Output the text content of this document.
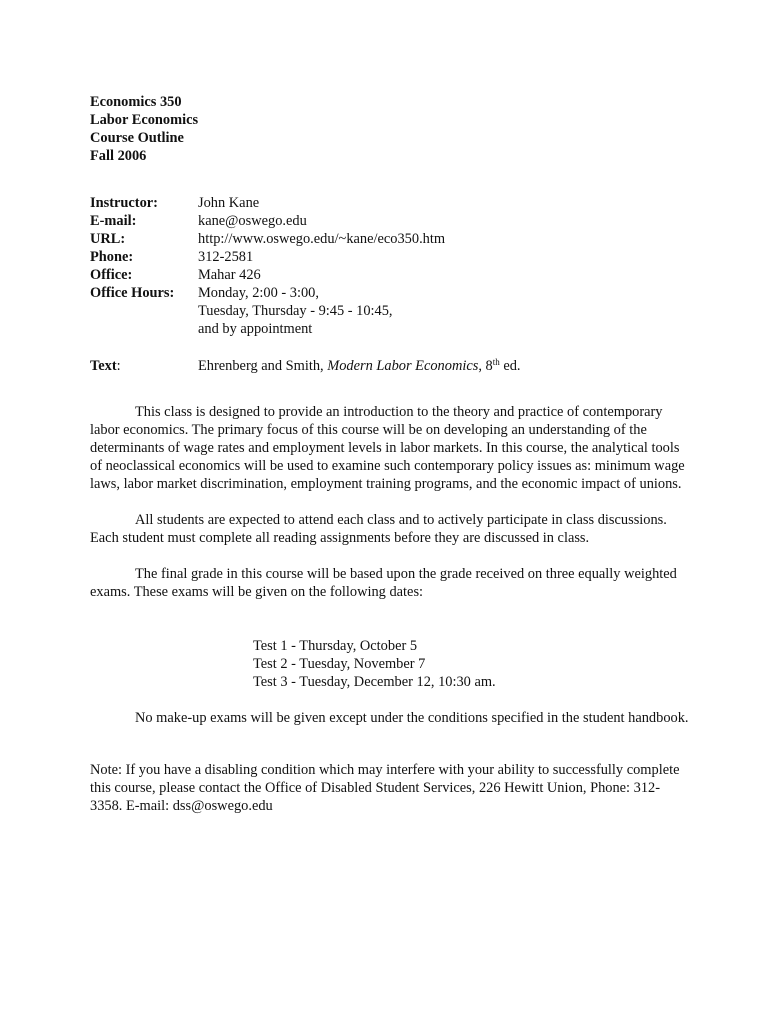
Economics 350
Labor Economics
Course Outline
Fall 2006
Instructor:	John Kane
E-mail:	kane@oswego.edu
URL:	http://www.oswego.edu/~kane/eco350.htm
Phone:	312-2581
Office:	Mahar 426
Office Hours:	Monday, 2:00 - 3:00,
Tuesday, Thursday - 9:45 - 10:45,
and by appointment
Text:	Ehrenberg and Smith, Modern Labor Economics, 8th ed.

This class is designed to provide an introduction to the theory and practice of contemporary labor economics. The primary focus of this course will be on developing an understanding of the determinants of wage rates and employment levels in labor markets. In this course, the analytical tools of neoclassical economics will be used to examine such contemporary policy issues as: minimum wage laws, labor market discrimination, employment training programs, and the economic impact of unions.

All students are expected to attend each class and to actively participate in class discussions. Each student must complete all reading assignments before they are discussed in class.

The final grade in this course will be based upon the grade received on three equally weighted exams. These exams will be given on the following dates:

Test 1 - Thursday, October 5
Test 2 - Tuesday, November 7
Test 3 - Tuesday, December 12, 10:30 am.

No make-up exams will be given except under the conditions specified in the student handbook.

Note: If you have a disabling condition which may interfere with your ability to successfully complete this course, please contact the Office of Disabled Student Services, 226 Hewitt Union, Phone: 312-3358. E-mail: dss@oswego.edu
